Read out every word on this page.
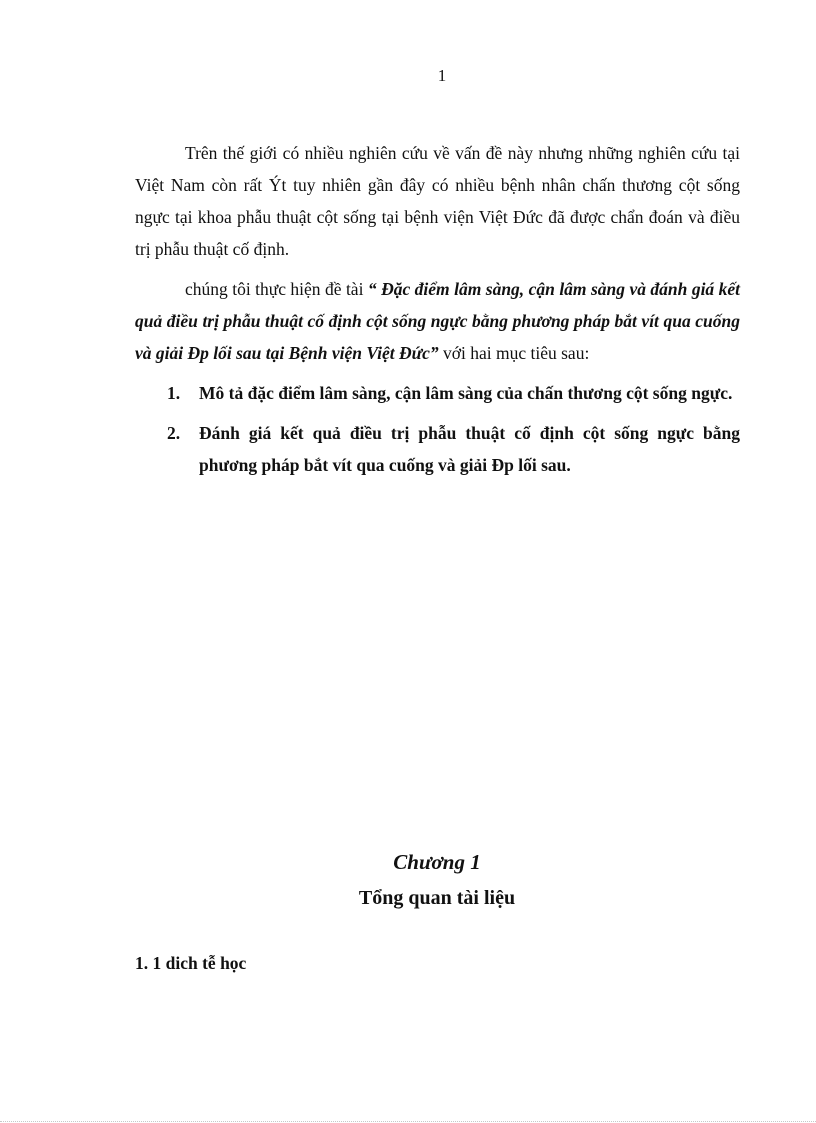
1

Trên thế giới có nhiều nghiên cứu về vấn đề này nhưng những nghiên cứu tại Việt Nam còn rất Ýt tuy nhiên gần đây có nhiều bệnh nhân chấn thương cột sống ngực tại khoa phẫu thuật cột sống tại bệnh viện Việt Đức đã được chẩn đoán và điều trị phẫu thuật cố định.

chúng tôi thực hiện đề tài “ Đặc điểm lâm sàng, cận lâm sàng và đánh giá kết quả điều trị phẫu thuật cố định cột sống ngực bằng phương pháp bắt vít qua cuống và giải Ðp lối sau tại Bệnh viện Việt Đức” với hai mục tiêu sau:

1. Mô tả đặc điểm lâm sàng, cận lâm sàng của chấn thương cột sống ngực.
2. Đánh giá kết quả điều trị phẫu thuật cố định cột sống ngực bằng phương pháp bắt vít qua cuống và giải Ðp lối sau.
Chương 1
Tổng quan tài liệu
1. 1 dich tễ học
